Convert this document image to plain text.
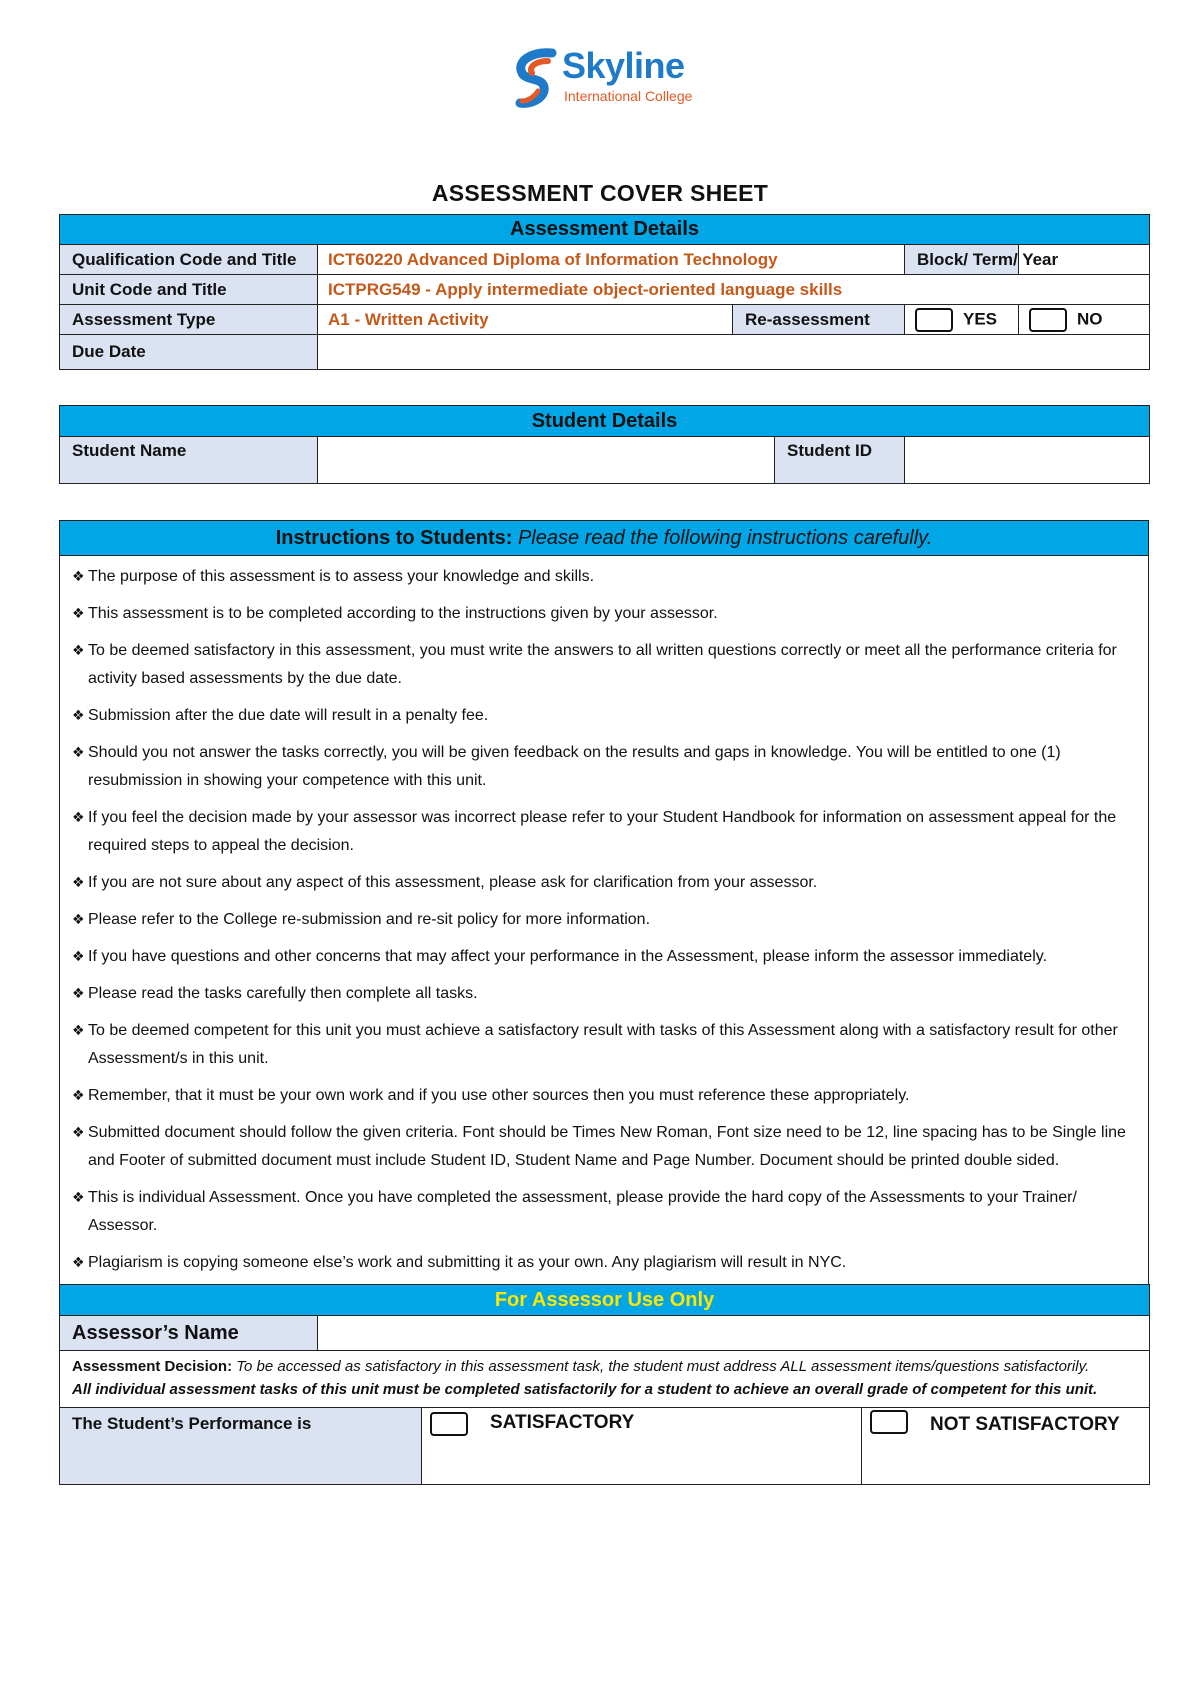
Skyline
International College
ASSESSMENT COVER SHEET
Assessment Details				
Qualification Code and Title	ICT60220 Advanced Diploma of Information Technology		Block/ Term/ Year	
Unit Code and Title	ICTPRG549 - Apply intermediate object-oriented language skills			
Assessment Type	A1 - Written Activity	Re-assessment	YES	NO
Due Date				
Student Details
Student Name		Student ID	
Instructions to Students: Please read the following instructions carefully.

❖ The purpose of this assessment is to assess your knowledge and skills.
❖ This assessment is to be completed according to the instructions given by your assessor.
❖ To be deemed satisfactory in this assessment, you must write the answers to all written questions correctly or meet all the performance criteria for activity based assessments by the due date.
❖ Submission after the due date will result in a penalty fee.
❖ Should you not answer the tasks correctly, you will be given feedback on the results and gaps in knowledge. You will be entitled to one (1) resubmission in showing your competence with this unit.
❖ If you feel the decision made by your assessor was incorrect please refer to your Student Handbook for information on assessment appeal for the required steps to appeal the decision.
❖ If you are not sure about any aspect of this assessment, please ask for clarification from your assessor.
❖ Please refer to the College re-submission and re-sit policy for more information.
❖ If you have questions and other concerns that may affect your performance in the Assessment, please inform the assessor immediately.
❖ Please read the tasks carefully then complete all tasks.
❖ To be deemed competent for this unit you must achieve a satisfactory result with tasks of this Assessment along with a satisfactory result for other Assessment/s in this unit.
❖ Remember, that it must be your own work and if you use other sources then you must reference these appropriately.
❖ Submitted document should follow the given criteria. Font should be Times New Roman, Font size need to be 12, line spacing has to be Single line and Footer of submitted document must include Student ID, Student Name and Page Number. Document should be printed double sided.
❖ This is individual Assessment. Once you have completed the assessment, please provide the hard copy of the Assessments to your Trainer/ Assessor.
❖ Plagiarism is copying someone else’s work and submitting it as your own. Any plagiarism will result in NYC.
For Assessor Use Only			
Assessor’s Name			
Assessment Decision: To be accessed as satisfactory in this assessment task, the student must address ALL assessment items/questions satisfactorily.
All individual assessment tasks of this unit must be completed satisfactorily for a student to achieve an overall grade of competent for this unit.			
The Student’s Performance is		SATISFACTORY	NOT SATISFACTORY
